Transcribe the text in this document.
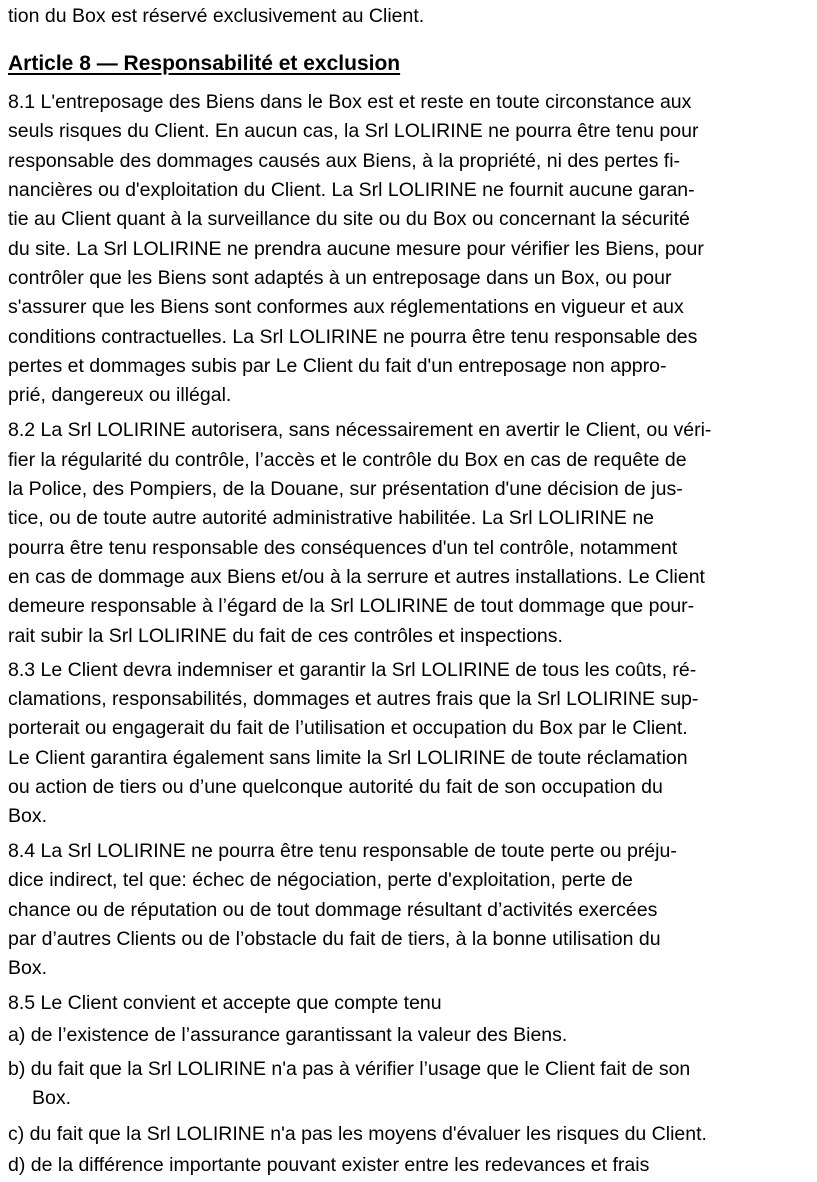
tion du Box est réservé exclusivement au Client.
Article 8 — Responsabilité et exclusion
8.1 L'entreposage des Biens dans le Box est et reste en toute circonstance aux
seuls risques du Client. En aucun cas, la Srl LOLIRINE ne pourra être tenu pour
responsable des dommages causés aux Biens, à la propriété, ni des pertes fi-
nancières ou d'exploitation du Client. La Srl LOLIRINE ne fournit aucune garan-
tie au Client quant à la surveillance du site ou du Box ou concernant la sécurité
du site. La Srl LOLIRINE ne prendra aucune mesure pour vérifier les Biens, pour
contrôler que les Biens sont adaptés à un entreposage dans un Box, ou pour
s'assurer que les Biens sont conformes aux réglementations en vigueur et aux
conditions contractuelles. La Srl LOLIRINE ne pourra être tenu responsable des
pertes et dommages subis par Le Client du fait d'un entreposage non appro-
prié, dangereux ou illégal.
8.2 La Srl LOLIRINE autorisera, sans nécessairement en avertir le Client, ou véri-
fier la régularité du contrôle, l’accès et le contrôle du Box en cas de requête de
la Police, des Pompiers, de la Douane, sur présentation d'une décision de jus-
tice, ou de toute autre autorité administrative habilitée. La Srl LOLIRINE ne
pourra être tenu responsable des conséquences d'un tel contrôle, notamment
en cas de dommage aux Biens et/ou à la serrure et autres installations. Le Client
demeure responsable à l’égard de la Srl LOLIRINE de tout dommage que pour-
rait subir la Srl LOLIRINE du fait de ces contrôles et inspections.
8.3 Le Client devra indemniser et garantir la Srl LOLIRINE de tous les coûts, ré-
clamations, responsabilités, dommages et autres frais que la Srl LOLIRINE sup-
porterait ou engagerait du fait de l’utilisation et occupation du Box par le Client.
Le Client garantira également sans limite la Srl LOLIRINE de toute réclamation
ou action de tiers ou d’une quelconque autorité du fait de son occupation du
Box.
8.4 La Srl LOLIRINE ne pourra être tenu responsable de toute perte ou préju-
dice indirect, tel que: échec de négociation, perte d'exploitation, perte de
chance ou de réputation ou de tout dommage résultant d’activités exercées
par d’autres Clients ou de l’obstacle du fait de tiers, à la bonne utilisation du
Box.
8.5 Le Client convient et accepte que compte tenu
a) de l’existence de l’assurance garantissant la valeur des Biens.
b) du fait que la Srl LOLIRINE n'a pas à vérifier l’usage que le Client fait de son
Box.
c) du fait que la Srl LOLIRINE n'a pas les moyens d'évaluer les risques du Client.
d) de la différence importante pouvant exister entre les redevances et frais
